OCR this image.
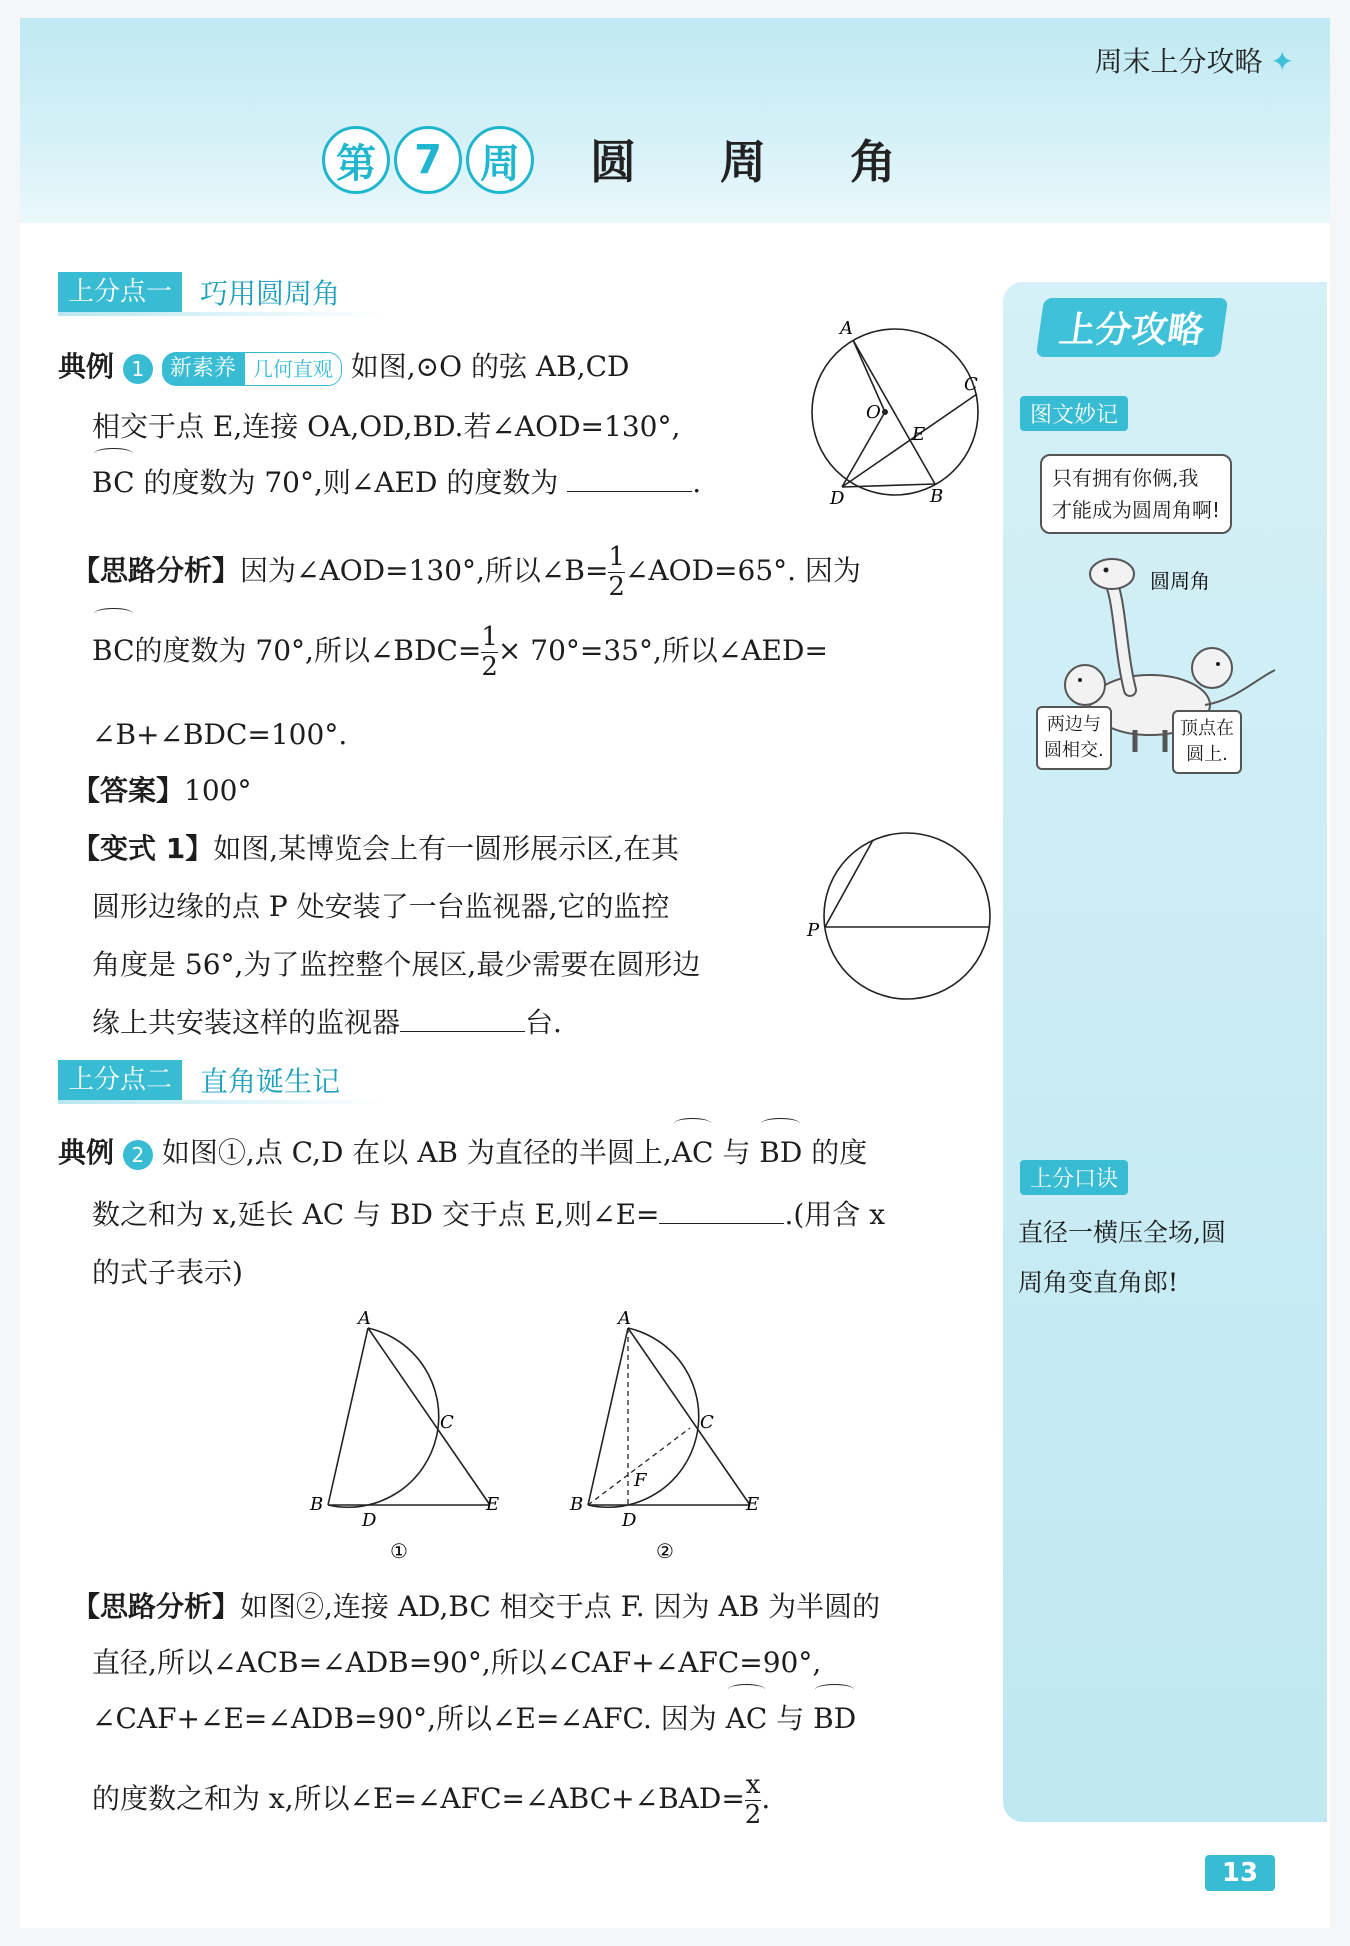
周末上分攻略 ✦
第 7 周	圆 周 角
上分点一	巧用圆周角
典例 1 新素养 几何直观 如图,⊙O 的弦 AB,CD
相交于点 E,连接 OA,OD,BD.若∠AOD=130°,
BC 的度数为 70°,则∠AED 的度数为	.
A
C
O
E
D	B
【思路分析】因为∠AOD=130°,所以∠B= $\frac{1}{2}$ ∠AOD=65°. 因为
BC的度数为 70°,所以∠BDC= $\frac{1}{2} \times 70^\circ=35^\circ$,所以∠AED=
∠B+∠BDC=100°.
【答案】100°
【变式 1】如图,某博览会上有一圆形展示区,在其
圆形边缘的点 P 处安装了一台监视器,它的监控
角度是 56°,为了监控整个展区,最少需要在圆形边
缘上共安装这样的监视器	台.
P
上分点二	直角诞生记
典例 2 如图①,点 C,D 在以 AB 为直径的半圆上,AC 与 BD 的度
数之和为 x,延长 AC 与 BD 交于点 E,则∠E=	.(用含 x
的式子表示)
A
C
B
D
E
①
A
C
F
B
D
E
②
【思路分析】如图②,连接 AD,BC 相交于点 F. 因为 AB 为半圆的
直径,所以∠ACB=∠ADB=90°,所以∠CAF+∠AFC=90°,
∠CAF+∠E=∠ADB=90°,所以∠E=∠AFC. 因为 AC 与 BD
的度数之和为 x,所以∠E=∠AFC=∠ABC+∠BAD= $\frac{x}{2}$ .
上分攻略
图文妙记
只有拥有你俩,我
才能成为圆周角啊!
圆周角
两边与
圆相交.
顶点在
圆上.
上分口诀
直径一横压全场,圆
周角变直角郎!
13
